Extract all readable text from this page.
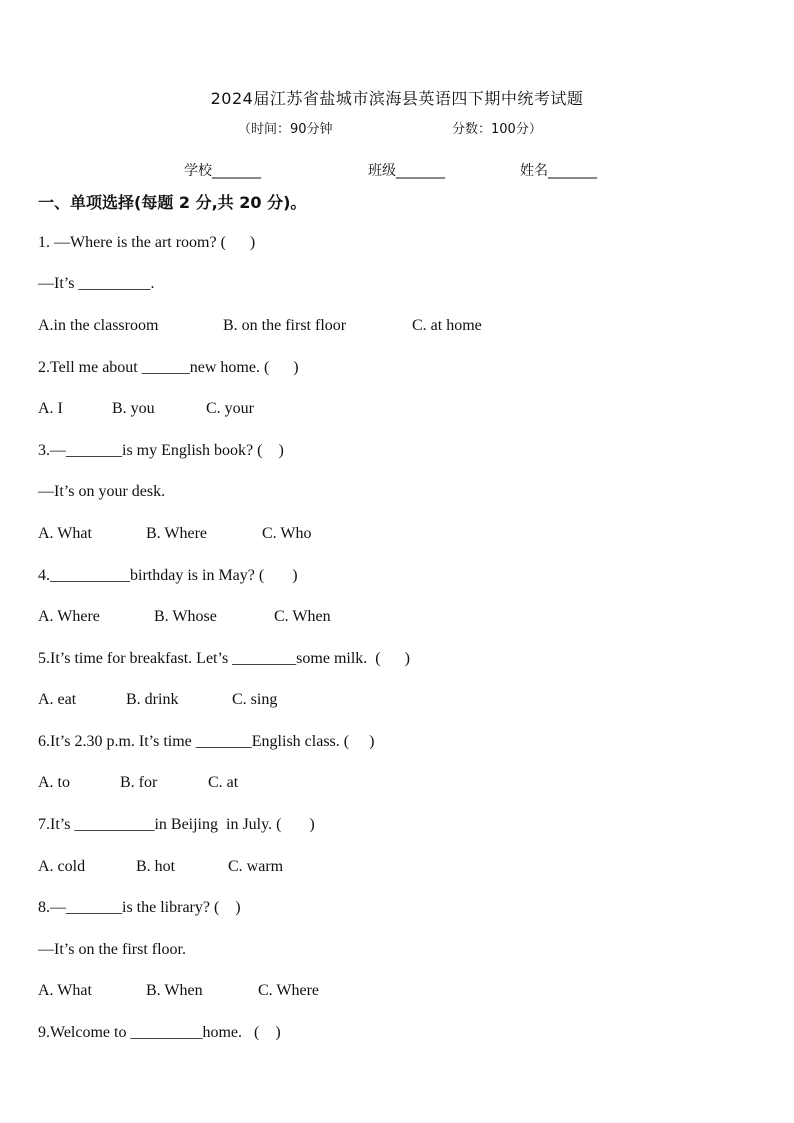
2024届江苏省盐城市滨海县英语四下期中统考试题
（时间：90分钟	分数：100分）
学校_______	班级_______	姓名_______
一、单项选择(每题 2 分,共 20 分)。
1. —Where is the art room? (      )
—It’s _________.
A.in the classroom	B. on the first floor	C. at home
2.Tell me about ______new home. (      )
A. I	B. you	C. your
3.—_______is my English book? (    )
—It’s on your desk.
A. What	B. Where	C. Who
4.__________birthday is in May? (       )
A. Where	B. Whose	C. When
5.It’s time for breakfast. Let’s ________some milk.  (      )
A. eat	B. drink	C. sing
6.It’s 2.30 p.m. It’s time _______English class. (     )
A. to	B. for	C. at
7.It’s __________in Beijing  in July. (       )
A. cold	B. hot	C. warm
8.—_______is the library? (    )
—It’s on the first floor.
A. What	B. When	C. Where
9.Welcome to _________home.   (    )
